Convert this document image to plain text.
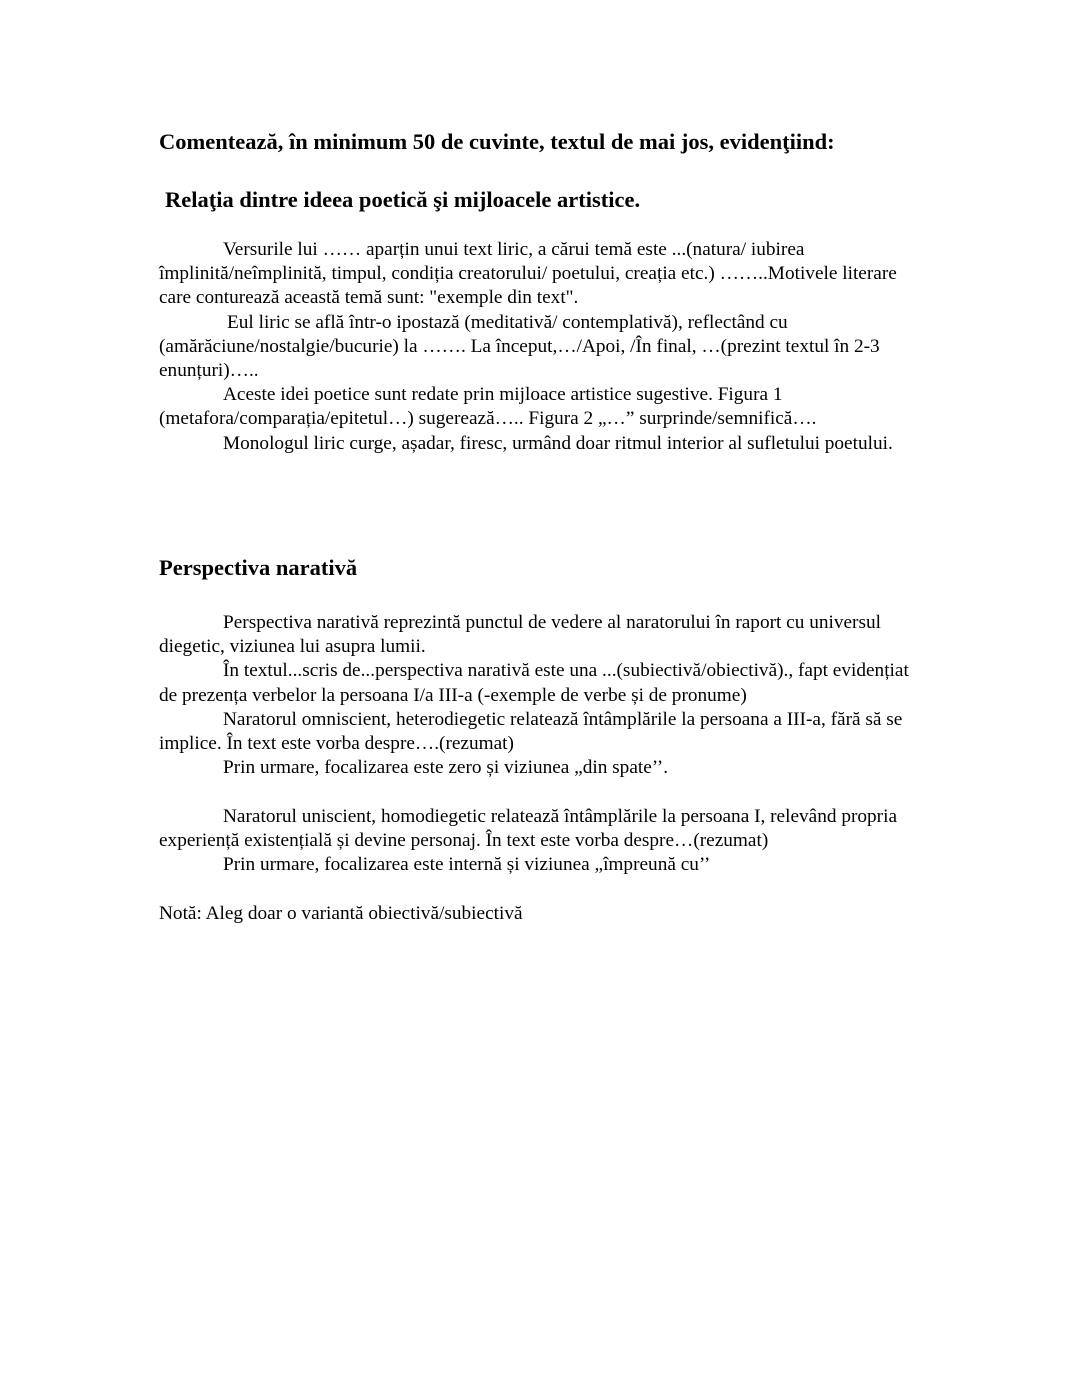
Comentează, în minimum 50 de cuvinte, textul de mai jos, evidenţiind:
Relaţia dintre ideea poetică şi mijloacele artistice.

Versurile lui …… aparțin unui text liric, a cărui temă este ...(natura/ iubirea împlinită/neîmplinită, timpul, condiția creatorului/ poetului, creația etc.) ……..Motivele literare care conturează această temă sunt: "exemple din text".

Eul liric se află într-o ipostază (meditativă/ contemplativă), reflectând cu (amărăciune/nostalgie/bucurie) la ……. La început,…/Apoi, /În final, …(prezint textul în 2-3 enunțuri)…..

Aceste idei poetice sunt redate prin mijloace artistice sugestive. Figura 1 (metafora/comparația/epitetul…) sugerează….. Figura 2 „…” surprinde/semnifică….

Monologul liric curge, așadar, firesc, urmând doar ritmul interior al sufletului poetului.

Perspectiva narativă

Perspectiva narativă reprezintă punctul de vedere al naratorului în raport cu universul diegetic, viziunea lui asupra lumii.

În textul...scris de...perspectiva narativă este una ...(subiectivă/obiectivă)., fapt evidențiat de prezența verbelor la persoana I/a III-a (-exemple de verbe și de pronume)

Naratorul omniscient, heterodiegetic relatează întâmplările la persoana a III-a, fără să se implice. În text este vorba despre….(rezumat)

Prin urmare, focalizarea este zero și viziunea „din spate’’.

Naratorul uniscient, homodiegetic relatează întâmplările la persoana I, relevând propria experiență existențială și devine personaj. În text este vorba despre…(rezumat)

Prin urmare, focalizarea este internă și viziunea „împreună cu’’

Notă: Aleg doar o variantă obiectivă/subiectivă
